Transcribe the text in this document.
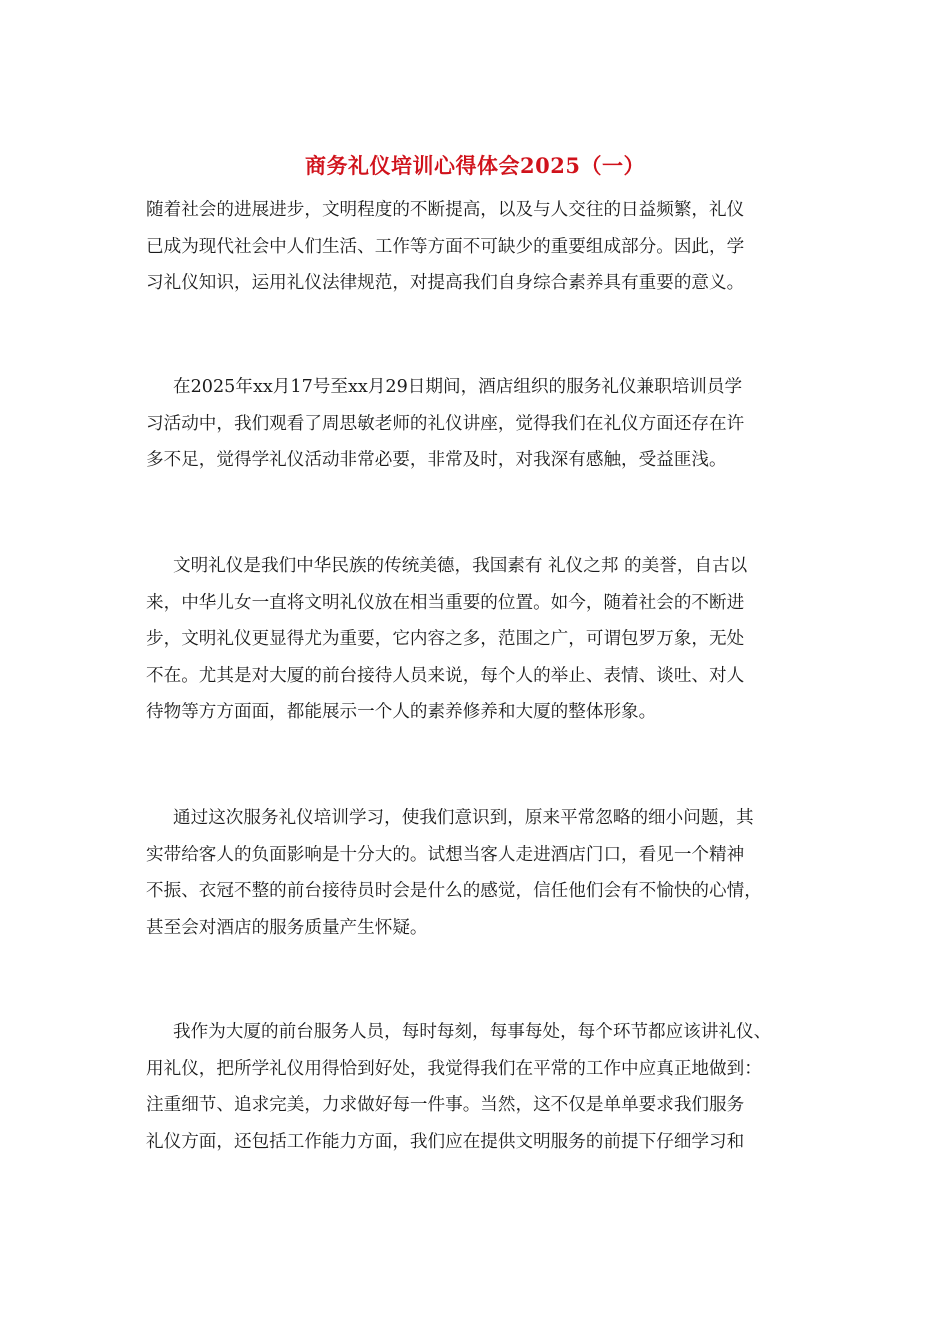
商务礼仪培训心得体会2025（一）

随着社会的进展进步，文明程度的不断提高，以及与人交往的日益频繁，礼仪
已成为现代社会中人们生活、工作等方面不可缺少的重要组成部分。因此，学
习礼仪知识，运用礼仪法律规范，对提高我们自身综合素养具有重要的意义。

在2025年xx月17号至xx月29日期间，酒店组织的服务礼仪兼职培训员学
习活动中，我们观看了周思敏老师的礼仪讲座，觉得我们在礼仪方面还存在许
多不足，觉得学礼仪活动非常必要，非常及时，对我深有感触，受益匪浅。

文明礼仪是我们中华民族的传统美德，我国素有 礼仪之邦 的美誉，自古以
来，中华儿女一直将文明礼仪放在相当重要的位置。如今，随着社会的不断进
步，文明礼仪更显得尤为重要，它内容之多，范围之广，可谓包罗万象，无处
不在。尤其是对大厦的前台接待人员来说，每个人的举止、表情、谈吐、对人
待物等方方面面，都能展示一个人的素养修养和大厦的整体形象。

通过这次服务礼仪培训学习，使我们意识到，原来平常忽略的细小问题，其
实带给客人的负面影响是十分大的。试想当客人走进酒店门口，看见一个精神
不振、衣冠不整的前台接待员时会是什么的感觉，信任他们会有不愉快的心情，
甚至会对酒店的服务质量产生怀疑。

我作为大厦的前台服务人员，每时每刻，每事每处，每个环节都应该讲礼仪、
用礼仪，把所学礼仪用得恰到好处，我觉得我们在平常的工作中应真正地做到：
注重细节、追求完美，力求做好每一件事。当然，这不仅是单单要求我们服务
礼仪方面，还包括工作能力方面，我们应在提供文明服务的前提下仔细学习和
